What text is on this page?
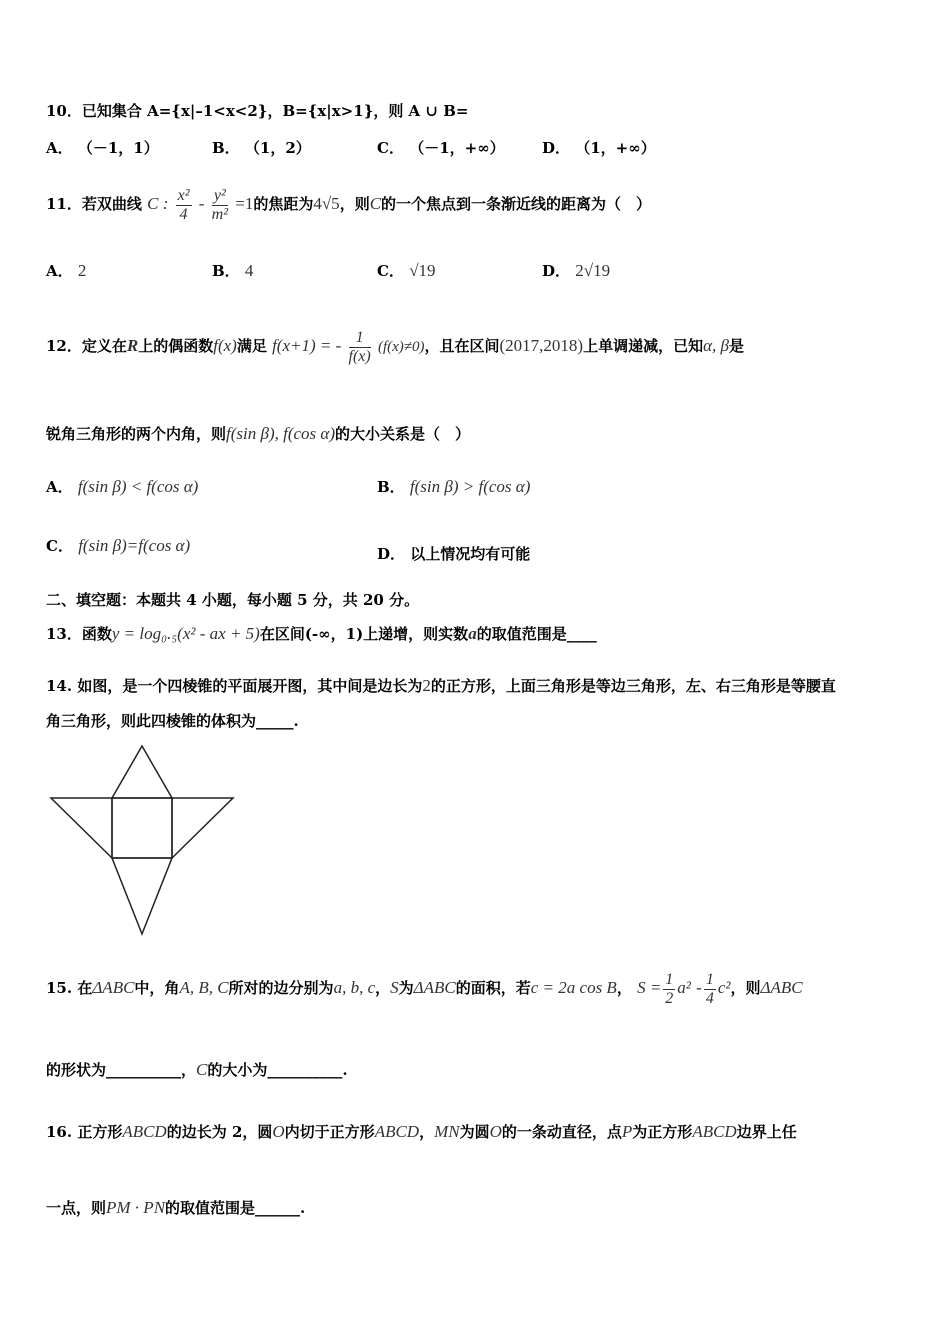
10．已知集合 A={x|–1<x<2}，B={x|x>1}，则 A ∪ B=
A． （－1，1）	B． （1，2）	C． （－1，+∞） D． （1，+∞）
11．若双曲线 C : $\frac{\text{x²}}{4} - \frac{\text{y²}}{\text{m²}} =1$的焦距为4√5，则C的一个焦点到一条渐近线的距离为（　）
A． 2	B． 4	C． √19	D． 2√19
12．定义在R上的偶函数f(x)满足 f(x+1) = - $\frac{1}{f(x)} (f(x)\ne 0)$，且在区间(2017,2018)上单调递减，已知α, β是
锐角三角形的两个内角，则f(sin β), f(cos α)的大小关系是（　）
A． f(sin β) < f(cos α)	B． f(sin β) > f(cos α)
C． f(sin β)=f(cos α)	D． 以上情况均有可能
二、填空题：本题共 4 小题，每小题 5 分，共 20 分。
13．函数y = log₀.₅(x² - ax + 5)在区间(-∞，1)上递增，则实数a的取值范围是____
14. 如图，是一个四棱锥的平面展开图，其中间是边长为2的正方形，上面三角形是等边三角形，左、右三角形是等腰直
角三角形，则此四棱锥的体积为_____.
15. 在ΔABC中，角A, B, C所对的边分别为a, b, c，S为ΔABC的面积，若c = 2a cos B， $S = \frac{1}{2} a^2 - \frac{1}{4} c^2$，则ΔABC
的形状为__________，C的大小为__________.
16. 正方形ABCD的边长为 2，圆O内切于正方形ABCD，MN为圆O的一条动直径，点P为正方形ABCD边界上任
一点，则PM · PN的取值范围是______.
